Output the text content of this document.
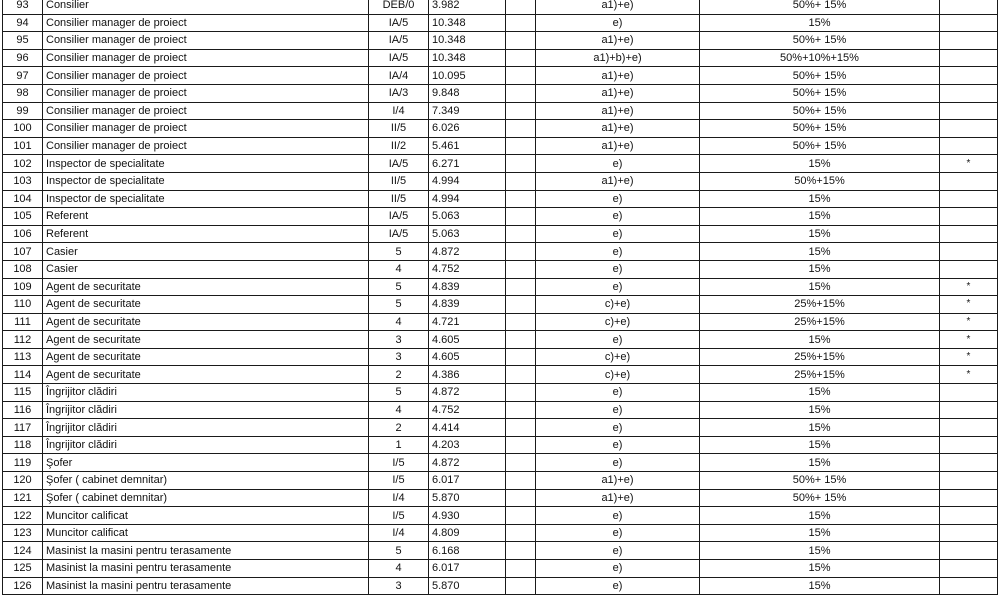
93	Consilier	DEB/0	3.982		a1)+e)	50%+ 15%	
94	Consilier manager de proiect	IA/5	10.348		e)	15%	
95	Consilier manager de proiect	IA/5	10.348		a1)+e)	50%+ 15%	
96	Consilier manager de proiect	IA/5	10.348		a1)+b)+e)	50%+10%+15%	
97	Consilier manager de proiect	IA/4	10.095		a1)+e)	50%+ 15%	
98	Consilier manager de proiect	IA/3	9.848		a1)+e)	50%+ 15%	
99	Consilier manager de proiect	I/4	7.349		a1)+e)	50%+ 15%	
100	Consilier manager de proiect	II/5	6.026		a1)+e)	50%+ 15%	
101	Consilier manager de proiect	II/2	5.461		a1)+e)	50%+ 15%	
102	Inspector de specialitate	IA/5	6.271		e)	15%	*
103	Inspector de specialitate	II/5	4.994		a1)+e)	50%+15%	
104	Inspector de specialitate	II/5	4.994		e)	15%	
105	Referent	IA/5	5.063		e)	15%	
106	Referent	IA/5	5.063		e)	15%	
107	Casier	5	4.872		e)	15%	
108	Casier	4	4.752		e)	15%	
109	Agent de securitate	5	4.839		e)	15%	*
110	Agent de securitate	5	4.839		c)+e)	25%+15%	*
111	Agent de securitate	4	4.721		c)+e)	25%+15%	*
112	Agent de securitate	3	4.605		e)	15%	*
113	Agent de securitate	3	4.605		c)+e)	25%+15%	*
114	Agent de securitate	2	4.386		c)+e)	25%+15%	*
115	Îngrijitor clădiri	5	4.872		e)	15%	
116	Îngrijitor clădiri	4	4.752		e)	15%	
117	Îngrijitor clădiri	2	4.414		e)	15%	
118	Îngrijitor clădiri	1	4.203		e)	15%	
119	Şofer	I/5	4.872		e)	15%	
120	Şofer ( cabinet demnitar)	I/5	6.017		a1)+e)	50%+ 15%	
121	Şofer ( cabinet demnitar)	I/4	5.870		a1)+e)	50%+ 15%	
122	Muncitor calificat	I/5	4.930		e)	15%	
123	Muncitor calificat	I/4	4.809		e)	15%	
124	Masinist la masini pentru terasamente	5	6.168		e)	15%	
125	Masinist la masini pentru terasamente	4	6.017		e)	15%	
126	Masinist la masini pentru terasamente	3	5.870		e)	15%	
